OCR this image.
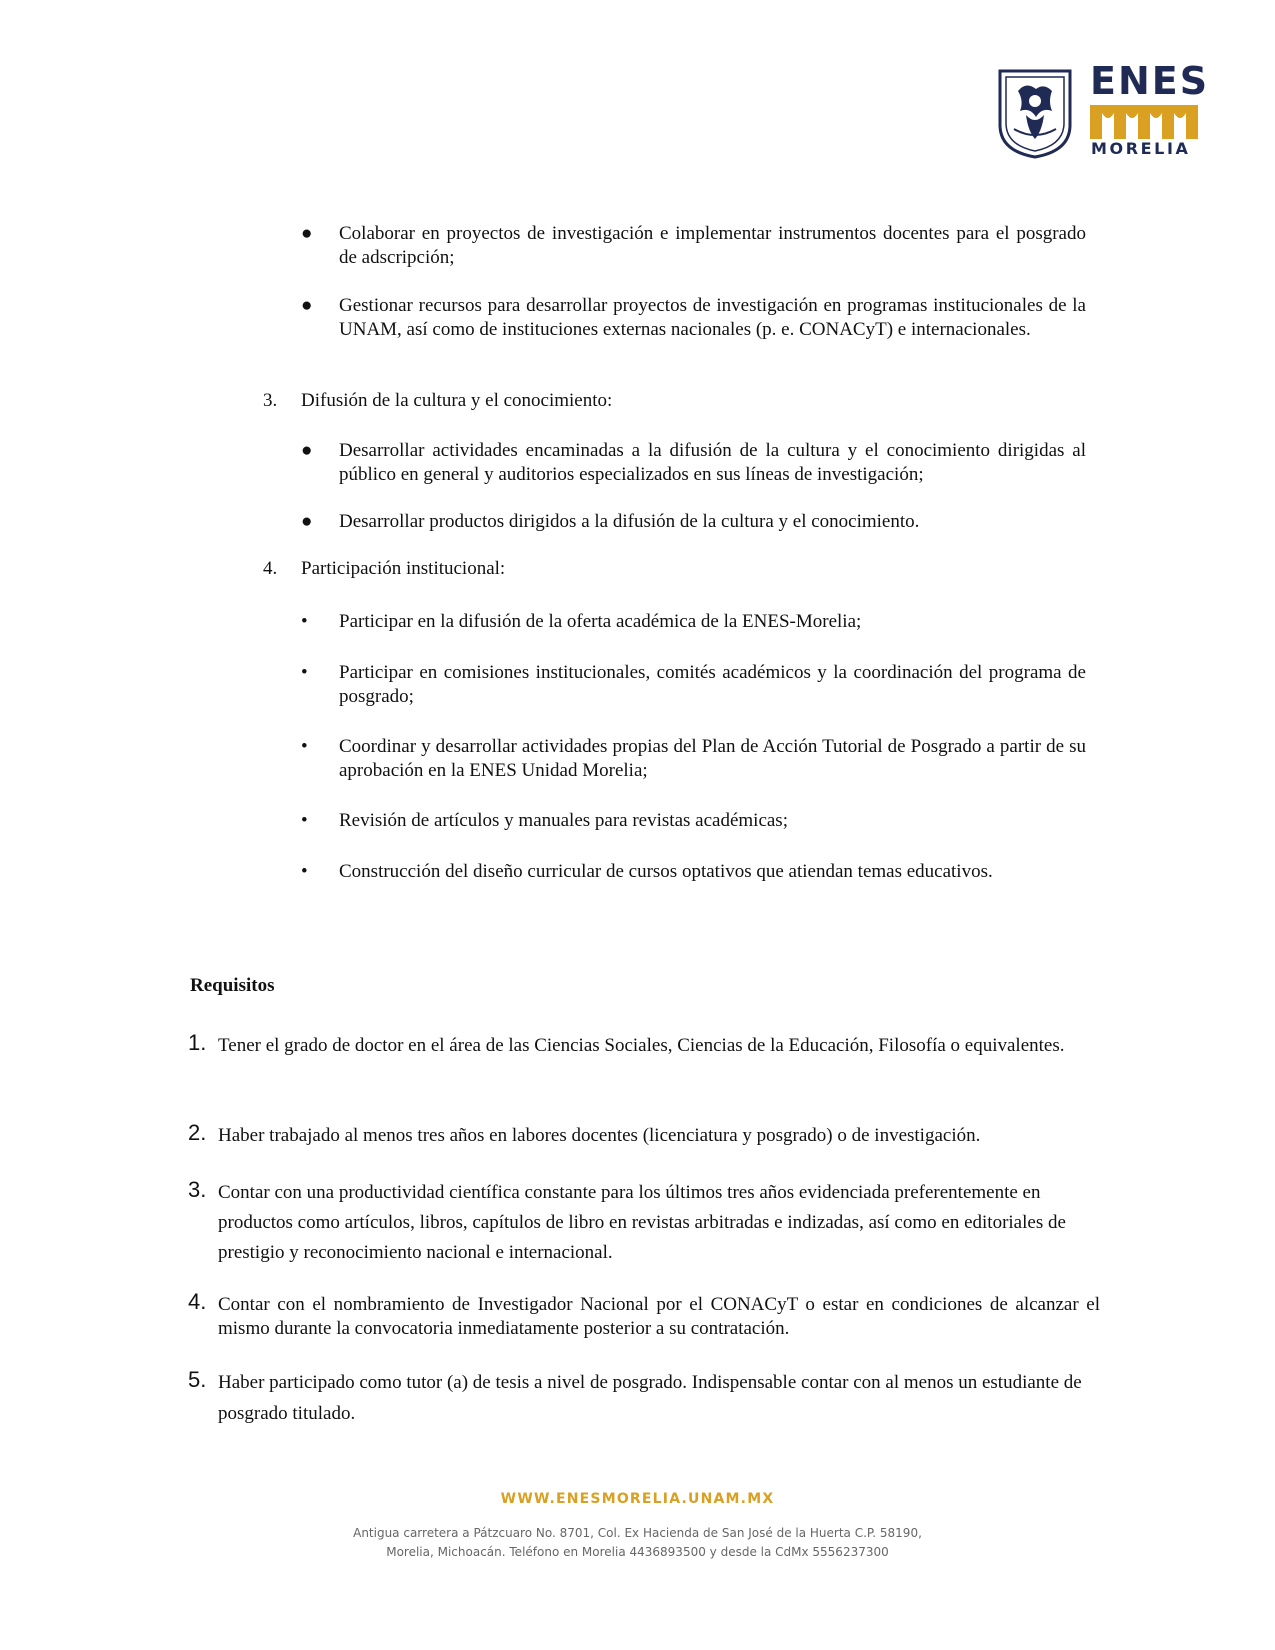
ENES
MORELIA
●	Colaborar en proyectos de investigación e implementar instrumentos docentes para el posgrado de adscripción;
●	Gestionar recursos para desarrollar proyectos de investigación en programas institucionales de la UNAM, así como de instituciones externas nacionales (p. e. CONACyT) e internacionales.
3. Difusión de la cultura y el conocimiento:
●	Desarrollar actividades encaminadas a la difusión de la cultura y el conocimiento dirigidas al público en general y auditorios especializados en sus líneas de investigación;
●	Desarrollar productos dirigidos a la difusión de la cultura y el conocimiento.
4. Participación institucional:
•	Participar en la difusión de la oferta académica de la ENES-Morelia;
•	Participar en comisiones institucionales, comités académicos y la coordinación del programa de posgrado;
•	Coordinar y desarrollar actividades propias del Plan de Acción Tutorial de Posgrado a partir de su aprobación en la ENES Unidad Morelia;
•	Revisión de artículos y manuales para revistas académicas;
•	Construcción del diseño curricular de cursos optativos que atiendan temas educativos.
Requisitos
1. Tener el grado de doctor en el área de las Ciencias Sociales, Ciencias de la Educación, Filosofía o equivalentes.
2. Haber trabajado al menos tres años en labores docentes (licenciatura y posgrado) o de investigación.
3. Contar con una productividad científica constante para los últimos tres años evidenciada preferentemente en productos como artículos, libros, capítulos de libro en revistas arbitradas e indizadas, así como en editoriales de prestigio y reconocimiento nacional e internacional.
4. Contar con el nombramiento de Investigador Nacional por el CONACyT o estar en condiciones de alcanzar el mismo durante la convocatoria inmediatamente posterior a su contratación.
5. Haber participado como tutor (a) de tesis a nivel de posgrado. Indispensable contar con al menos un estudiante de posgrado titulado.
WWW.ENESMORELIA.UNAM.MX
Antigua carretera a Pátzcuaro No. 8701, Col. Ex Hacienda de San José de la Huerta C.P. 58190,
Morelia, Michoacán. Teléfono en Morelia 4436893500 y desde la CdMx 5556237300
